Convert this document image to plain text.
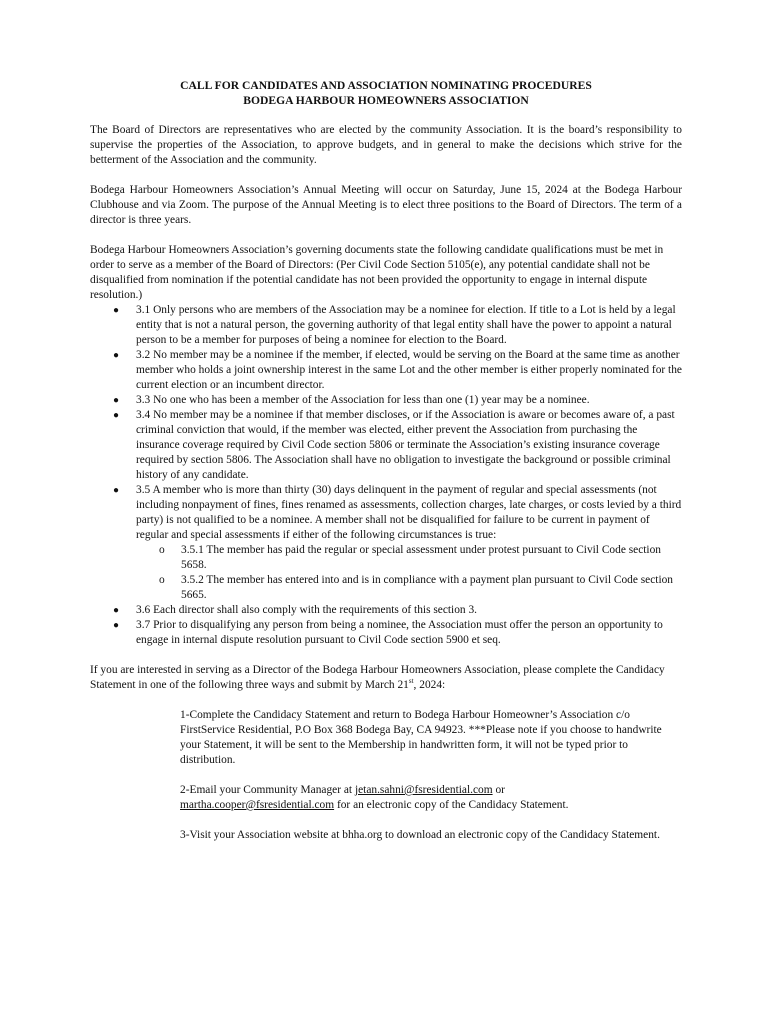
CALL FOR CANDIDATES AND ASSOCIATION NOMINATING PROCEDURES

BODEGA HARBOUR HOMEOWNERS ASSOCIATION

The Board of Directors are representatives who are elected by the community Association. It is the board’s responsibility to supervise the properties of the Association, to approve budgets, and in general to make the decisions which strive for the betterment of the Association and the community.

Bodega Harbour Homeowners Association’s Annual Meeting will occur on Saturday, June 15, 2024 at the Bodega Harbour Clubhouse and via Zoom. The purpose of the Annual Meeting is to elect three positions to the Board of Directors. The term of a director is three years.

Bodega Harbour Homeowners Association’s governing documents state the following candidate qualifications must be met in order to serve as a member of the Board of Directors: (Per Civil Code Section 5105(e), any potential candidate shall not be disqualified from nomination if the potential candidate has not been provided the opportunity to engage in internal dispute resolution.)

● 3.1 Only persons who are members of the Association may be a nominee for election. If title to a Lot is held by a legal entity that is not a natural person, the governing authority of that legal entity shall have the power to appoint a natural person to be a member for purposes of being a nominee for election to the Board.
● 3.2 No member may be a nominee if the member, if elected, would be serving on the Board at the same time as another member who holds a joint ownership interest in the same Lot and the other member is either properly nominated for the current election or an incumbent director.
● 3.3 No one who has been a member of the Association for less than one (1) year may be a nominee.
● 3.4 No member may be a nominee if that member discloses, or if the Association is aware or becomes aware of, a past criminal conviction that would, if the member was elected, either prevent the Association from purchasing the insurance coverage required by Civil Code section 5806 or terminate the Association’s existing insurance coverage required by section 5806. The Association shall have no obligation to investigate the background or possible criminal history of any candidate.
● 3.5 A member who is more than thirty (30) days delinquent in the payment of regular and special assessments (not including nonpayment of fines, fines renamed as assessments, collection charges, late charges, or costs levied by a third party) is not qualified to be a nominee. A member shall not be disqualified for failure to be current in payment of regular and special assessments if either of the following circumstances is true:
o 3.5.1 The member has paid the regular or special assessment under protest pursuant to Civil Code section 5658.
o 3.5.2 The member has entered into and is in compliance with a payment plan pursuant to Civil Code section 5665.
● 3.6 Each director shall also comply with the requirements of this section 3.
● 3.7 Prior to disqualifying any person from being a nominee, the Association must offer the person an opportunity to engage in internal dispute resolution pursuant to Civil Code section 5900 et seq.

If you are interested in serving as a Director of the Bodega Harbour Homeowners Association, please complete the Candidacy Statement in one of the following three ways and submit by March 21st, 2024:

1-Complete the Candidacy Statement and return to Bodega Harbour Homeowner’s Association c/o FirstService Residential, P.O Box 368 Bodega Bay, CA 94923. ***Please note if you choose to handwrite your Statement, it will be sent to the Membership in handwritten form, it will not be typed prior to distribution.

2-Email your Community Manager at jetan.sahni@fsresidential.com or
martha.cooper@fsresidential.com for an electronic copy of the Candidacy Statement.

3-Visit your Association website at bhha.org to download an electronic copy of the Candidacy Statement.
